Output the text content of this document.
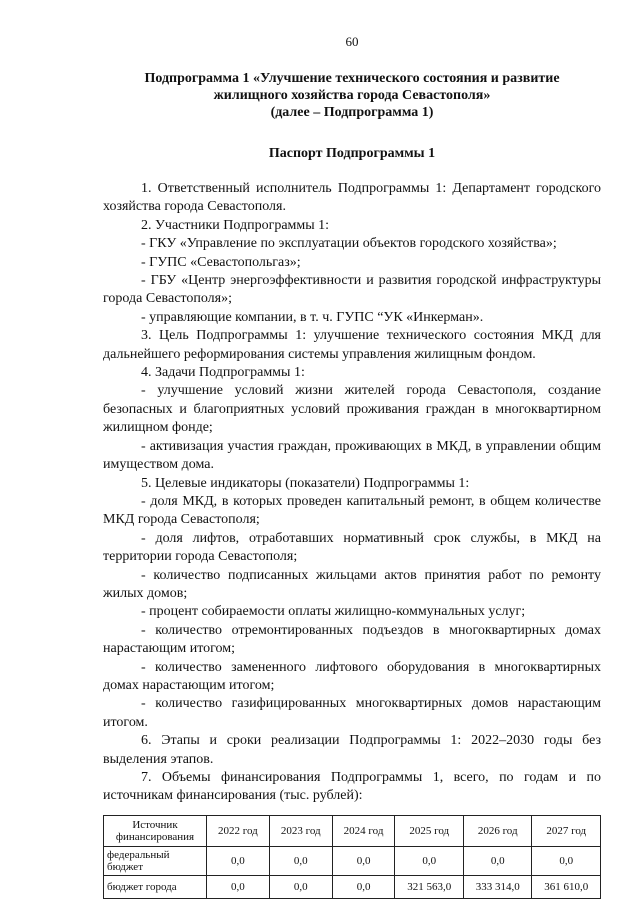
60
Подпрограмма 1 «Улучшение технического состояния и развитие
жилищного хозяйства города Севастополя»
(далее – Подпрограмма 1)
Паспорт Подпрограммы 1

1. Ответственный исполнитель Подпрограммы 1: Департамент городского хозяйства города Севастополя.

2. Участники Подпрограммы 1:

- ГКУ «Управление по эксплуатации объектов городского хозяйства»;

- ГУПС «Севастопольгаз»;

- ГБУ «Центр энергоэффективности и развития городской инфраструктуры города Севастополя»;

- управляющие компании, в т. ч. ГУПС “УК «Инкерман».

3. Цель Подпрограммы 1: улучшение технического состояния МКД для дальнейшего реформирования системы управления жилищным фондом.

4. Задачи Подпрограммы 1:

- улучшение условий жизни жителей города Севастополя, создание безопасных и благоприятных условий проживания граждан в многоквартирном жилищном фонде;

- активизация участия граждан, проживающих в МКД, в управлении общим имуществом дома.

5. Целевые индикаторы (показатели) Подпрограммы 1:

- доля МКД, в которых проведен капитальный ремонт, в общем количестве МКД города Севастополя;

- доля лифтов, отработавших нормативный срок службы, в МКД на территории города Севастополя;

- количество подписанных жильцами актов принятия работ по ремонту жилых домов;

- процент собираемости оплаты жилищно-коммунальных услуг;

- количество отремонтированных подъездов в многоквартирных домах нарастающим итогом;

- количество замененного лифтового оборудования в многоквартирных домах нарастающим итогом;

- количество газифицированных многоквартирных домов нарастающим итогом.

6. Этапы и сроки реализации Подпрограммы 1: 2022–2030 годы без выделения этапов.

7. Объемы финансирования Подпрограммы 1, всего, по годам и по источникам финансирования (тыс. рублей):

Источник финансирования	2022 год	2023 год	2024 год	2025 год	2026 год	2027 год
федеральный бюджет	0,0	0,0	0,0	0,0	0,0	0,0
бюджет города	0,0	0,0	0,0	321 563,0	333 314,0	361 610,0
